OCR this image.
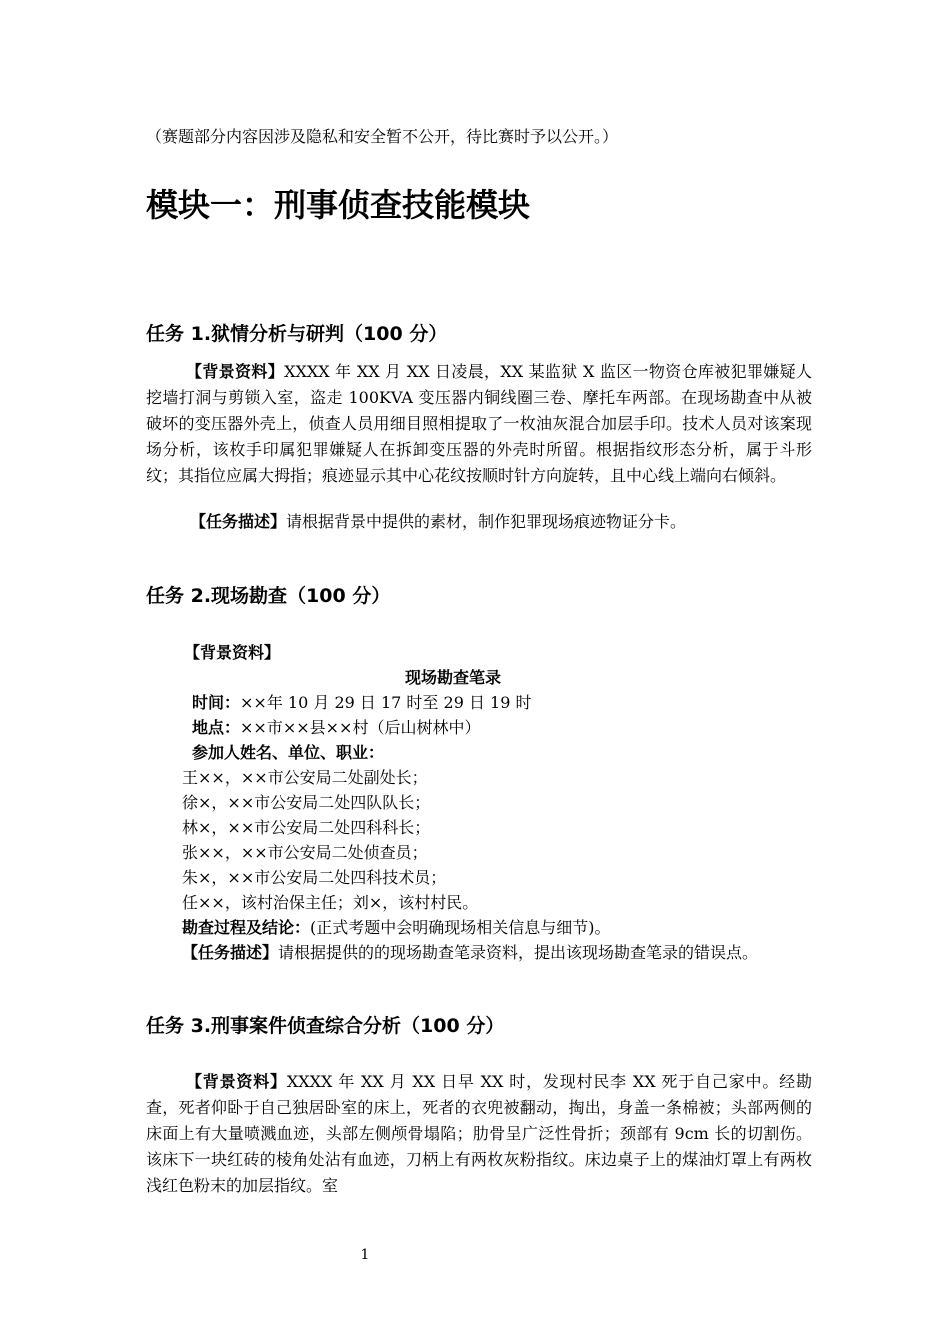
（赛题部分内容因涉及隐私和安全暂不公开，待比赛时予以公开。）
模块一：刑事侦查技能模块
任务 1.狱情分析与研判（100 分）

【背景资料】XXXX 年 XX 月 XX 日凌晨，XX 某监狱 X 监区一物资仓库被犯罪嫌疑人挖墙打洞与剪锁入室，盗走 100KVA 变压器内铜线圈三卷、摩托车两部。在现场勘查中从被破坏的变压器外壳上，侦查人员用细目照相提取了一枚油灰混合加层手印。技术人员对该案现场分析，该枚手印属犯罪嫌疑人在拆卸变压器的外壳时所留。根据指纹形态分析，属于斗形纹；其指位应属大拇指；痕迹显示其中心花纹按顺时针方向旋转，且中心线上端向右倾斜。

【任务描述】请根据背景中提供的素材，制作犯罪现场痕迹物证分卡。

任务 2.现场勘查（100 分）
【背景资料】
现场勘查笔录
时间：××年 10 月 29 日 17 时至 29 日 19 时
地点：××市××县××村（后山树林中）
参加人姓名、单位、职业：
王××，××市公安局二处副处长；
徐×，××市公安局二处四队队长；
林×，××市公安局二处四科科长；
张××，××市公安局二处侦查员；
朱×，××市公安局二处四科技术员；
任××，该村治保主任；刘×，该村村民。
勘查过程及结论：(正式考题中会明确现场相关信息与细节)。

【任务描述】请根据提供的的现场勘查笔录资料，提出该现场勘查笔录的错误点。

任务 3.刑事案件侦查综合分析（100 分）

【背景资料】XXXX 年 XX 月 XX 日早 XX 时，发现村民李 XX 死于自己家中。经勘查，死者仰卧于自己独居卧室的床上，死者的衣兜被翻动，掏出，身盖一条棉被；头部两侧的床面上有大量喷溅血迹，头部左侧颅骨塌陷；肋骨呈广泛性骨折；颈部有 9cm 长的切割伤。该床下一块红砖的棱角处沾有血迹，刀柄上有两枚灰粉指纹。床边桌子上的煤油灯罩上有两枚浅红色粉末的加层指纹。室

1
